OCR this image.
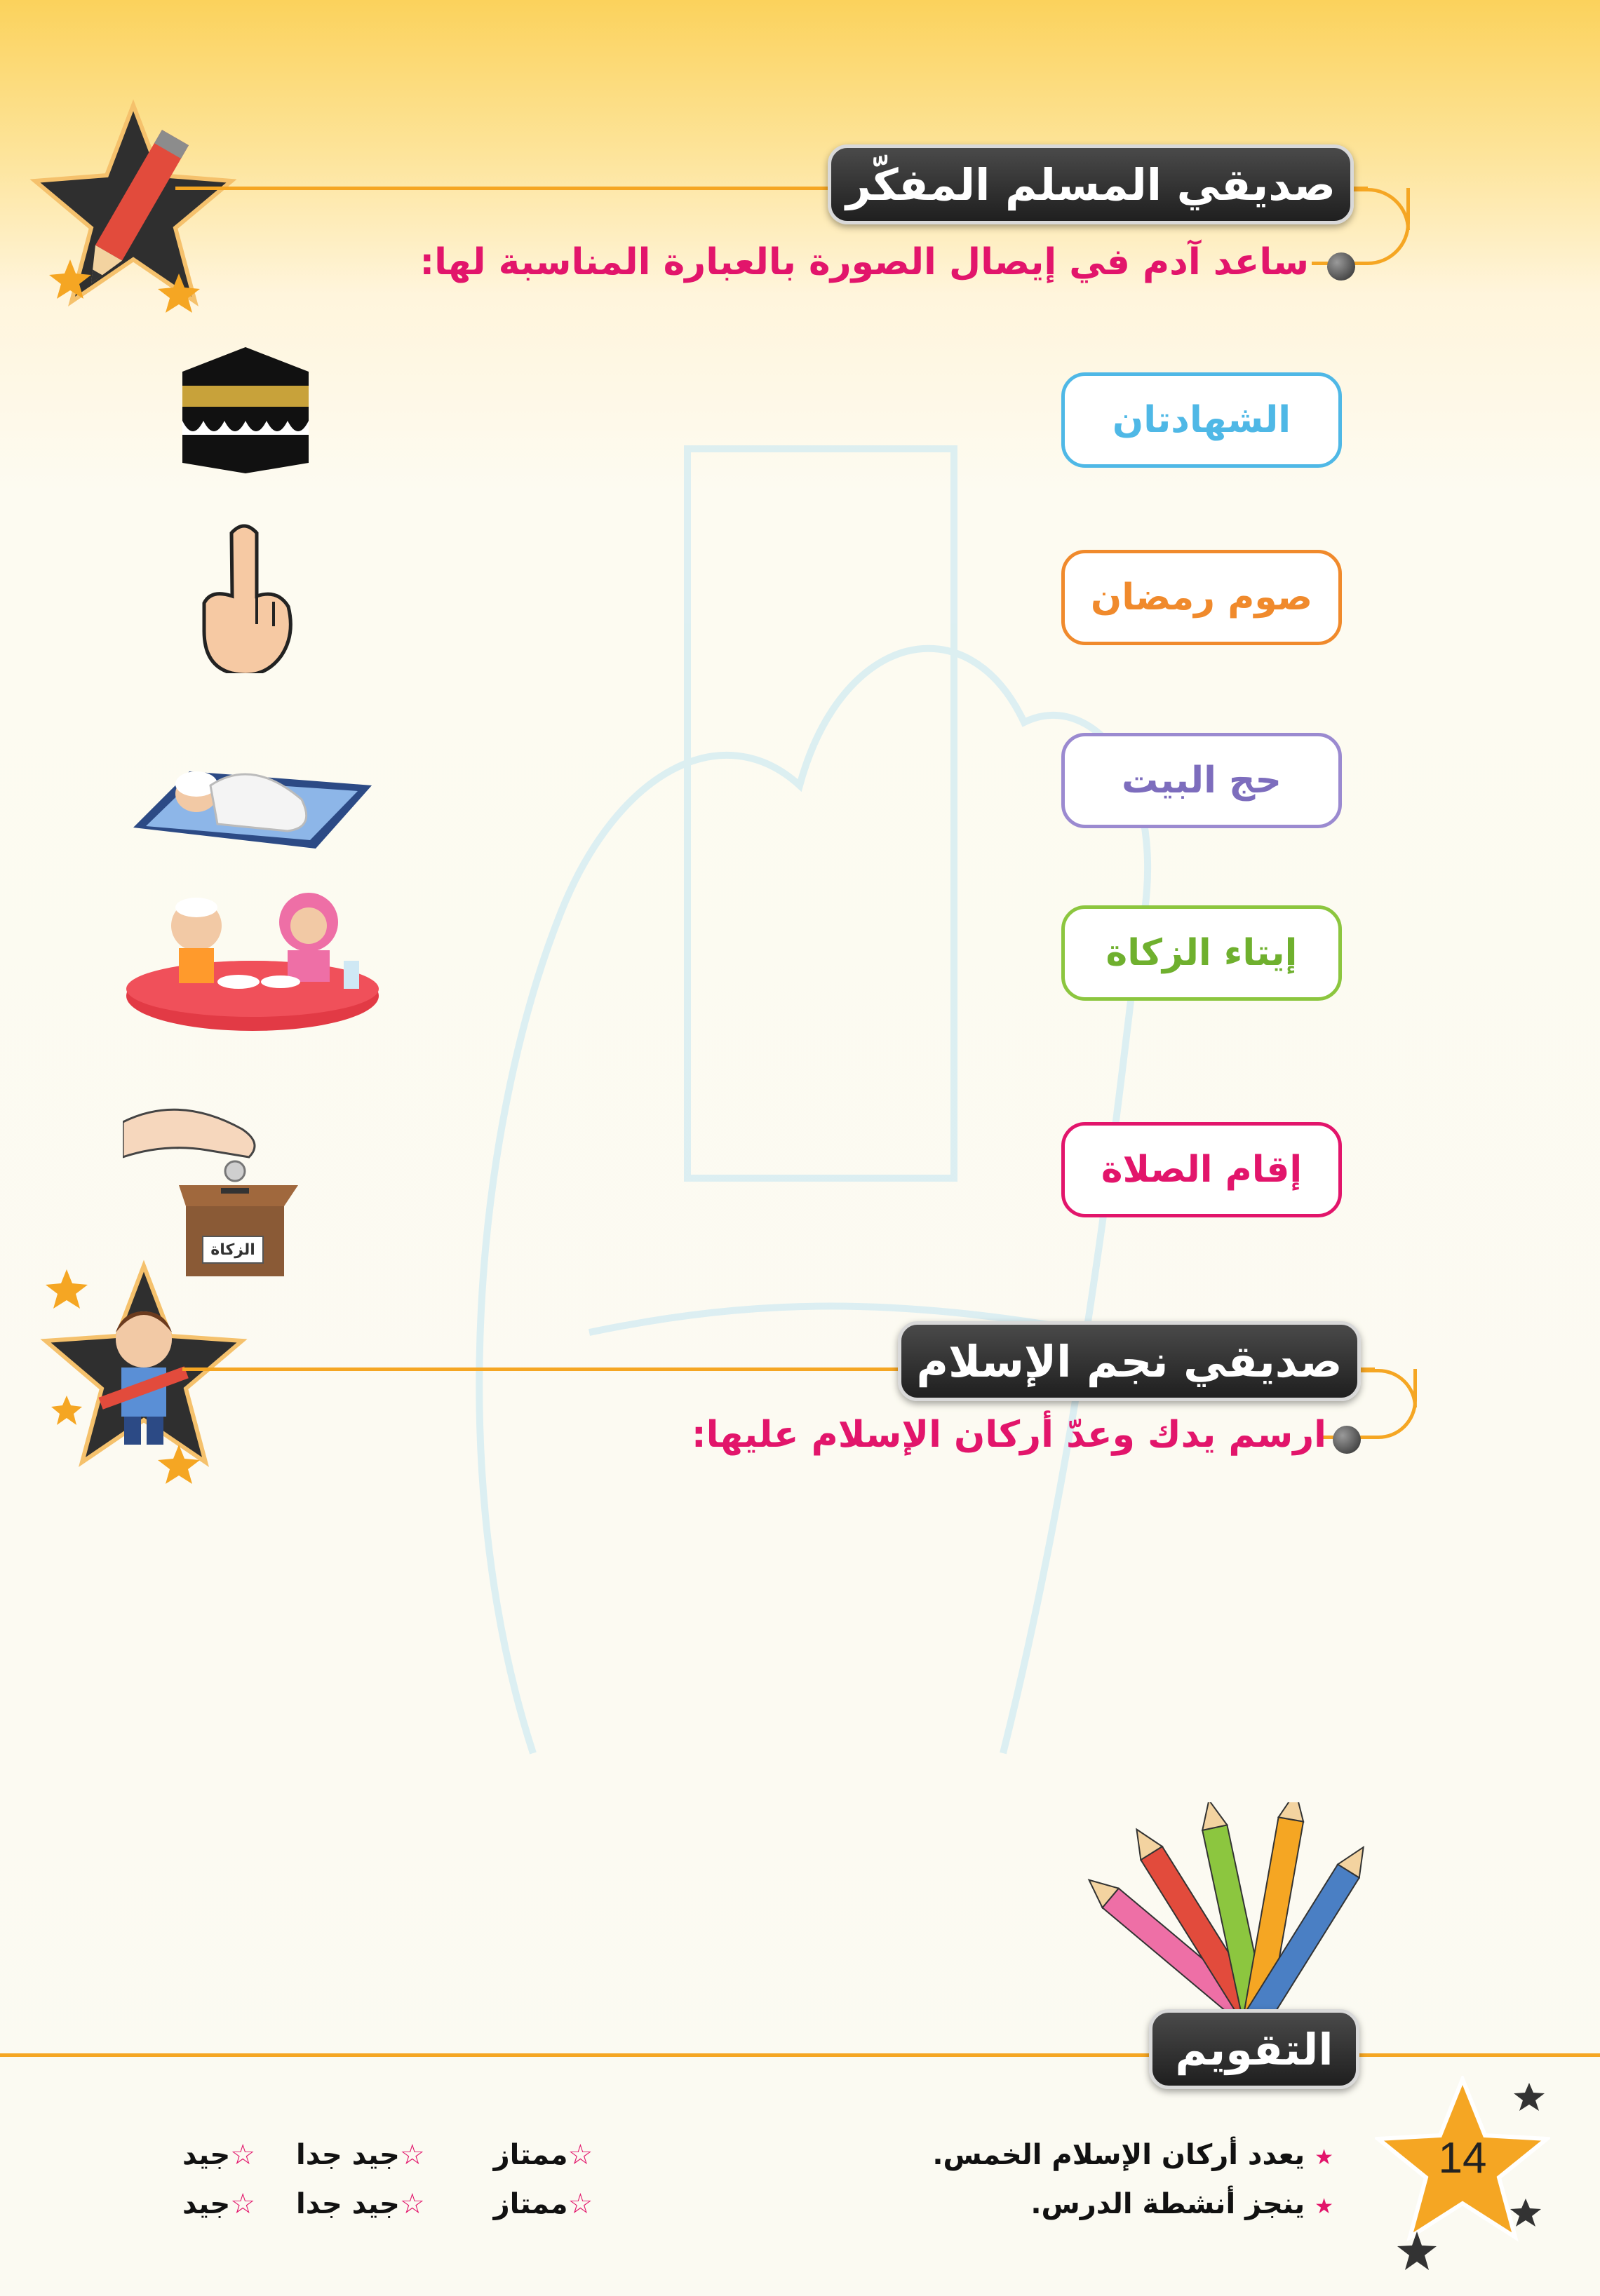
صديقي المسلم المفكّر
ساعد آدم في إيصال الصورة بالعبارة المناسبة لها:
الزكاة
الشهادتان
صوم رمضان
حج البيت
إيتاء الزكاة
إقام الصلاة
صديقي نجم الإسلام
ارسم يدك وعدّ أركان الإسلام عليها:
التقويم
14
★ يعدد أركان الإسلام الخمس.
★ ينجز أنشطة الدرس.
☆ممتاز  ☆جيد جدا  ☆جيد
☆ممتاز  ☆جيد جدا  ☆جيد
